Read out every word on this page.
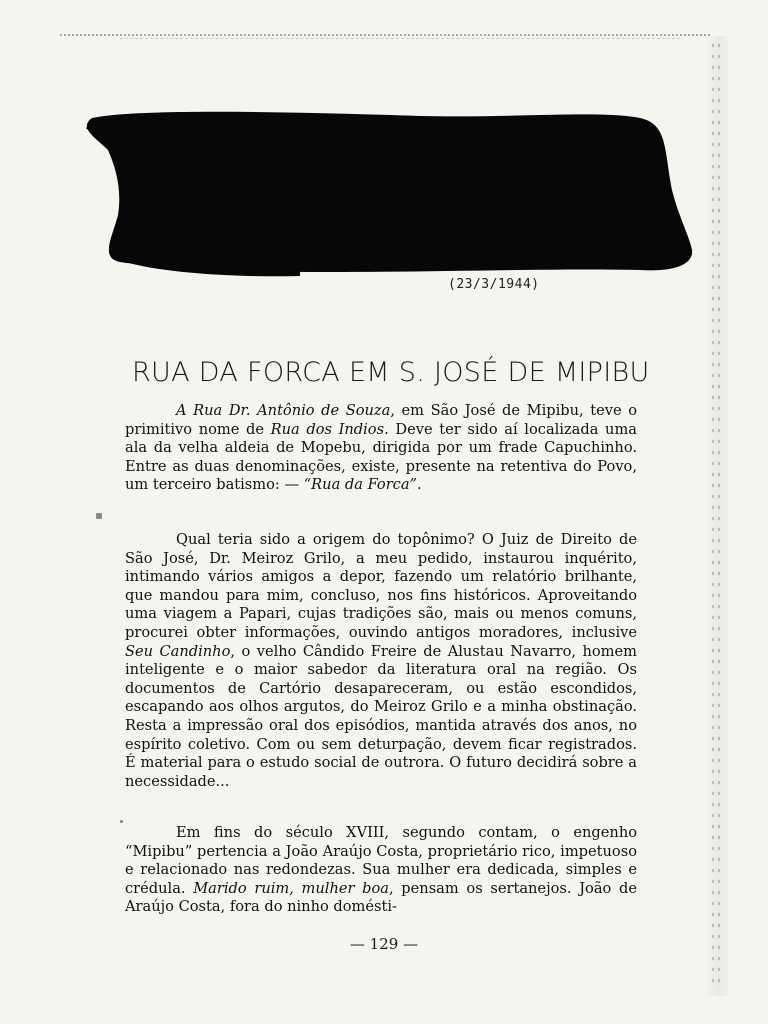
(23/3/1944)
RUA DA FORCA EM S. JOSÉ DE MIPIBU

A Rua Dr. Antônio de Souza, em São José de Mipibu, teve o primitivo nome de Rua dos Indios. Deve ter sido aí localizada uma ala da velha aldeia de Mopebu, dirigida por um frade Capuchinho. Entre as duas denominações, existe, presente na retentiva do Povo, um terceiro batismo: — “Rua da Forca”.

Qual teria sido a origem do topônimo? O Juiz de Direito de São José, Dr. Meiroz Grilo, a meu pedido, instaurou inquérito, intimando vários amigos a depor, fazendo um relatório brilhante, que mandou para mim, concluso, nos fins históricos. Aproveitando uma viagem a Papari, cujas tradições são, mais ou menos comuns, procurei obter informações, ouvindo antigos moradores, inclusive Seu Candinho, o velho Cândido Freire de Alustau Navarro, homem inteligente e o maior sabedor da literatura oral na região. Os documentos de Cartório desapareceram, ou estão escondidos, escapando aos olhos argutos, do Meiroz Grilo e a minha obstinação. Resta a impressão oral dos episódios, mantida através dos anos, no espírito coletivo. Com ou sem deturpação, devem ficar registrados. É material para o estudo social de outrora. O futuro decidirá sobre a necessidade...

Em fins do século XVIII, segundo contam, o engenho “Mipibu” pertencia a João Araújo Costa, proprietário rico, impetuoso e relacionado nas redondezas. Sua mulher era dedicada, simples e crédula. Marido ruim, mulher boa, pensam os sertanejos. João de Araújo Costa, fora do ninho domésti-

— 129 —
